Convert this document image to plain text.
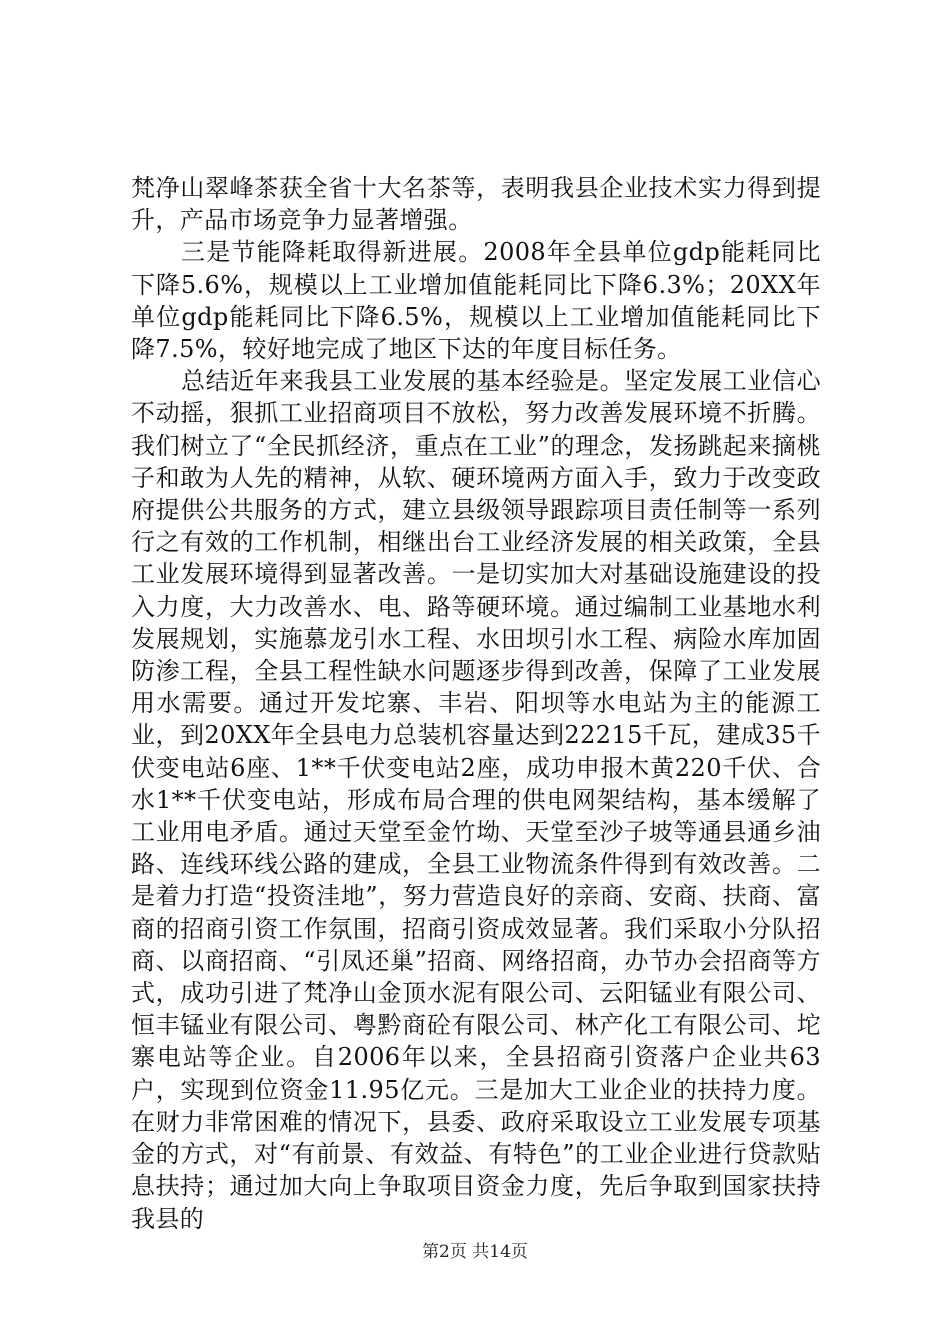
梵净山翠峰茶获全省十大名茶等，表明我县企业技术实力得到提升，产品市场竞争力显著增强。

三是节能降耗取得新进展。2008年全县单位gdp能耗同比下降5.6%，规模以上工业增加值能耗同比下降6.3%；20XX年单位gdp能耗同比下降6.5%，规模以上工业增加值能耗同比下降7.5%，较好地完成了地区下达的年度目标任务。

总结近年来我县工业发展的基本经验是。坚定发展工业信心不动摇，狠抓工业招商项目不放松，努力改善发展环境不折腾。我们树立了“全民抓经济，重点在工业”的理念，发扬跳起来摘桃子和敢为人先的精神，从软、硬环境两方面入手，致力于改变政府提供公共服务的方式，建立县级领导跟踪项目责任制等一系列行之有效的工作机制，相继出台工业经济发展的相关政策，全县工业发展环境得到显著改善。一是切实加大对基础设施建设的投入力度，大力改善水、电、路等硬环境。通过编制工业基地水利发展规划，实施慕龙引水工程、水田坝引水工程、病险水库加固防渗工程，全县工程性缺水问题逐步得到改善，保障了工业发展用水需要。通过开发坨寨、丰岩、阳坝等水电站为主的能源工业，到20XX年全县电力总装机容量达到22215千瓦，建成35千伏变电站6座、1**千伏变电站2座，成功申报木黄220千伏、合水1**千伏变电站，形成布局合理的供电网架结构，基本缓解了工业用电矛盾。通过天堂至金竹坳、天堂至沙子坡等通县通乡油路、连线环线公路的建成，全县工业物流条件得到有效改善。二是着力打造“投资洼地”，努力营造良好的亲商、安商、扶商、富商的招商引资工作氛围，招商引资成效显著。我们采取小分队招商、以商招商、“引凤还巢”招商、网络招商，办节办会招商等方式，成功引进了梵净山金顶水泥有限公司、云阳锰业有限公司、恒丰锰业有限公司、粤黔商砼有限公司、林产化工有限公司、坨寨电站等企业。自2006年以来，全县招商引资落户企业共63户，实现到位资金11.95亿元。三是加大工业企业的扶持力度。在财力非常困难的情况下，县委、政府采取设立工业发展专项基金的方式，对“有前景、有效益、有特色”的工业企业进行贷款贴息扶持；通过加大向上争取项目资金力度，先后争取到国家扶持我县的

第2页 共14页
